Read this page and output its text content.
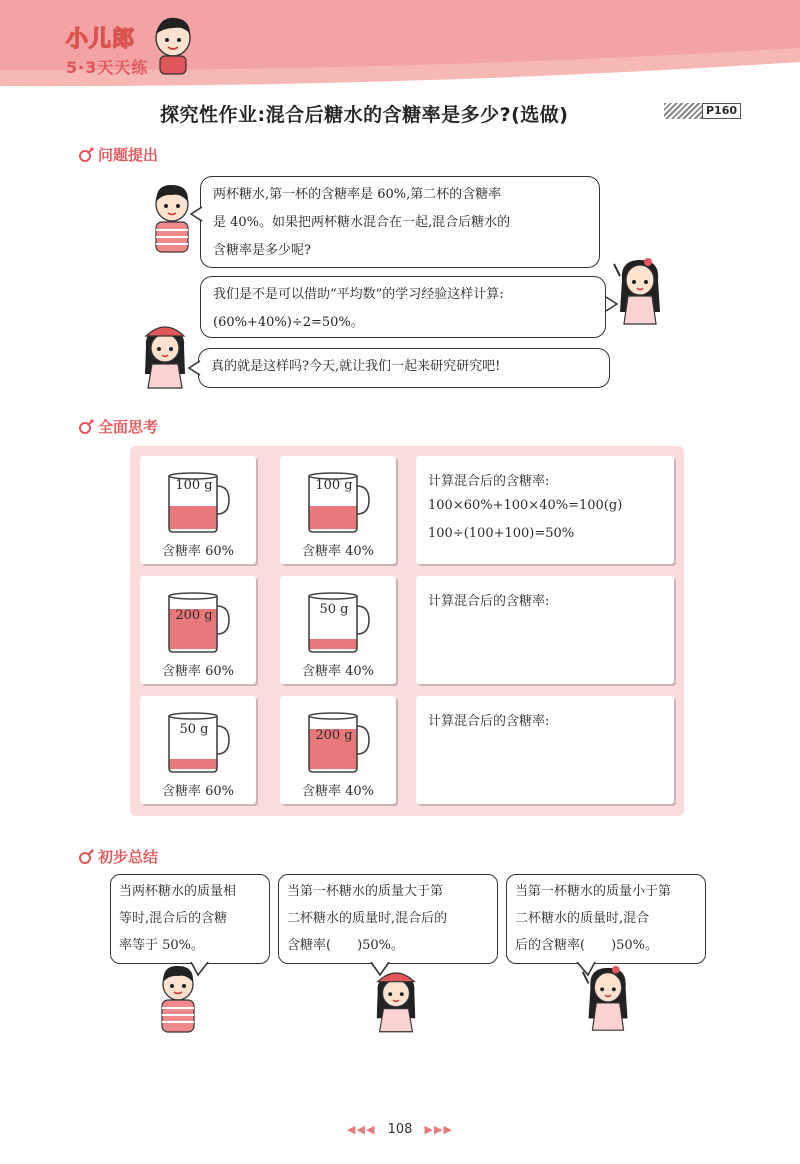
小儿郎
5·3天天练
探究性作业:混合后糖水的含糖率是多少?(选做)	P160
问题提出
两杯糖水,第一杯的含糖率是 60%,第二杯的含糖率
是 40%。如果把两杯糖水混合在一起,混合后糖水的
含糖率是多少呢?
我们是不是可以借助“平均数”的学习经验这样计算:
(60%+40%)÷2=50%。
真的就是这样吗?今天,就让我们一起来研究研究吧!
全面思考
100 g
含糖率 60%
100 g
含糖率 40%
计算混合后的含糖率:
100×60%+100×40%=100(g)
100÷(100+100)=50%
200 g
含糖率 60%
50 g
含糖率 40%
计算混合后的含糖率:
50 g
含糖率 60%
200 g
含糖率 40%
计算混合后的含糖率:
初步总结
当两杯糖水的质量相
等时,混合后的含糖
率等于 50%。
当第一杯糖水的质量大于第
二杯糖水的质量时,混合后的
含糖率(　　)50%。
当第一杯糖水的质量小于第
二杯糖水的质量时,混合
后的含糖率(　　)50%。
◀◀◀ 108 ▶▶▶
